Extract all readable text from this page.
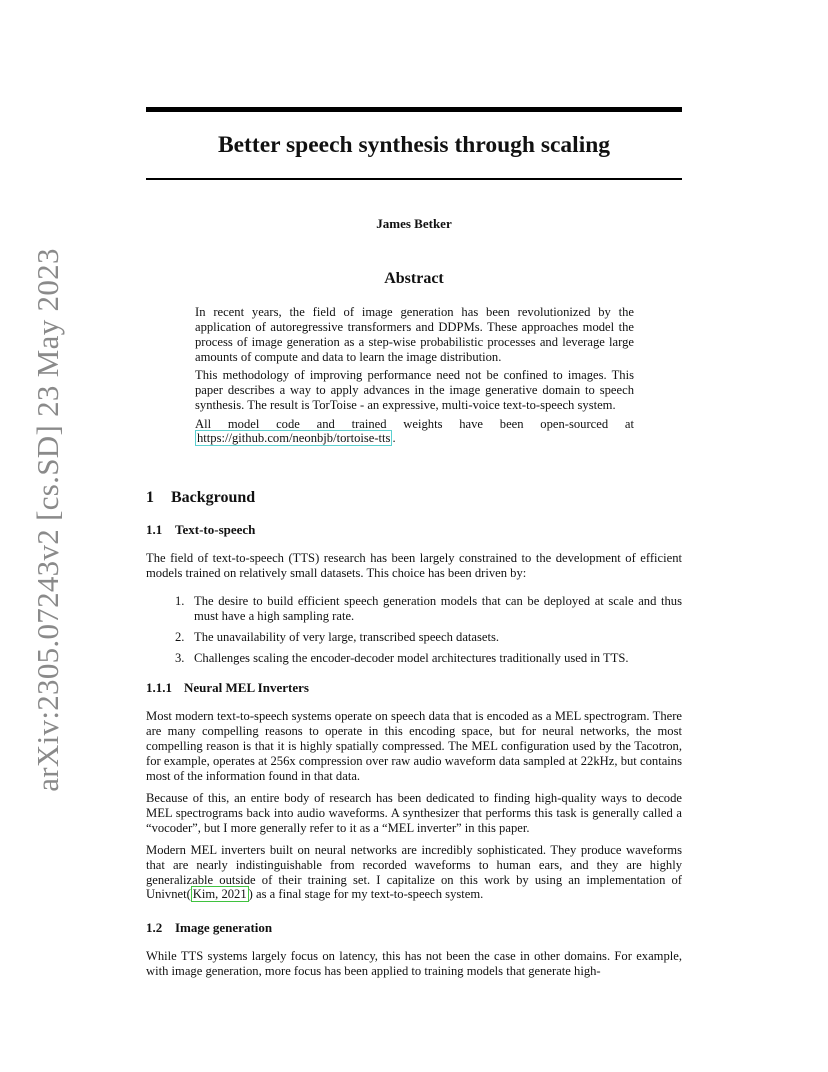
arXiv:2305.07243v2 [cs.SD] 23 May 2023
Better speech synthesis through scaling
James Betker
Abstract

In recent years, the field of image generation has been revolutionized by the application of autoregressive transformers and DDPMs. These approaches model the process of image generation as a step-wise probabilistic processes and leverage large amounts of compute and data to learn the image distribution.

This methodology of improving performance need not be confined to images. This paper describes a way to apply advances in the image generative domain to speech synthesis. The result is TorToise - an expressive, multi-voice text-to-speech system.

All model code and trained weights have been open-sourced at
https://github.com/neonbjb/tortoise-tts .

1 Background
1.1 Text-to-speech

The field of text-to-speech (TTS) research has been largely constrained to the development of efficient models trained on relatively small datasets. This choice has been driven by:

1. The desire to build efficient speech generation models that can be deployed at scale and thus must have a high sampling rate.
2. The unavailability of very large, transcribed speech datasets.
3. Challenges scaling the encoder-decoder model architectures traditionally used in TTS.
1.1.1 Neural MEL Inverters

Most modern text-to-speech systems operate on speech data that is encoded as a MEL spectrogram. There are many compelling reasons to operate in this encoding space, but for neural networks, the most compelling reason is that it is highly spatially compressed. The MEL configuration used by the Tacotron, for example, operates at 256x compression over raw audio waveform data sampled at 22kHz, but contains most of the information found in that data.

Because of this, an entire body of research has been dedicated to finding high-quality ways to decode MEL spectrograms back into audio waveforms. A synthesizer that performs this task is generally called a “vocoder”, but I more generally refer to it as a “MEL inverter” in this paper.

Modern MEL inverters built on neural networks are incredibly sophisticated. They produce waveforms that are nearly indistinguishable from recorded waveforms to human ears, and they are highly generalizable outside of their training set. I capitalize on this work by using an implementation of Univnet( Kim, 2021 ) as a final stage for my text-to-speech system.

1.2 Image generation

While TTS systems largely focus on latency, this has not been the case in other domains. For example, with image generation, more focus has been applied to training models that generate high-
